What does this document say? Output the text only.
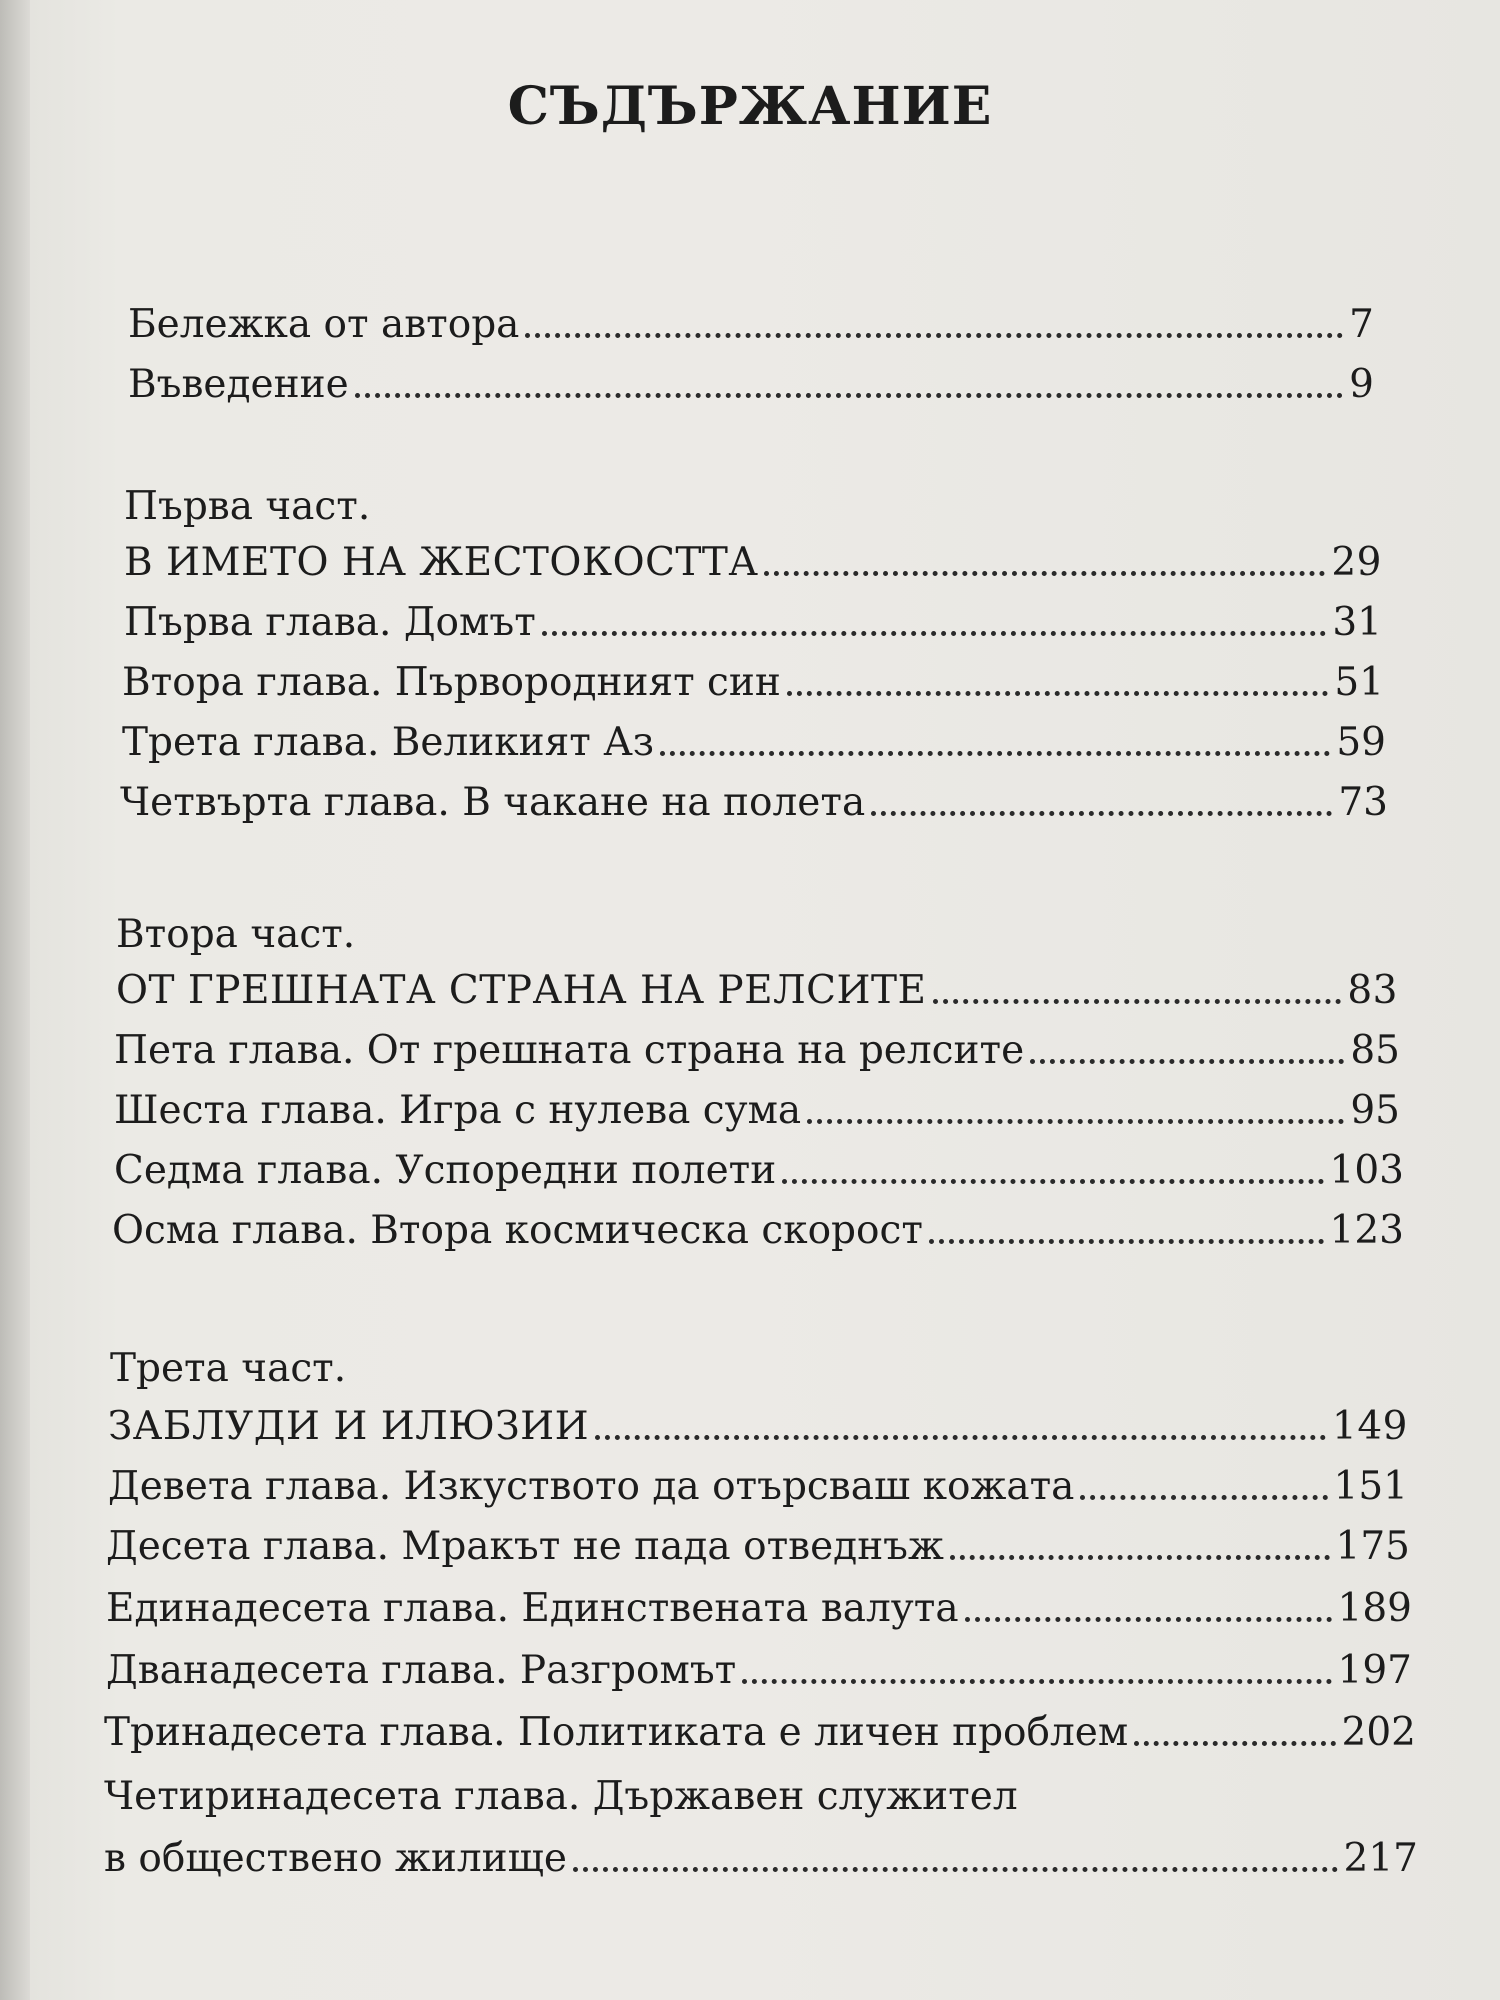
СЪДЪРЖАНИЕ
Бележка от автора	7
Въведение	9
Първа част.
В ИМЕТО НА ЖЕСТОКОСТТА	29
Първа глава. Домът	31
Втора глава. Първородният син	51
Трета глава. Великият Аз	59
Четвърта глава. В чакане на полета	73
Втора част.
ОТ ГРЕШНАТА СТРАНА НА РЕЛСИТЕ	83
Пета глава. От грешната страна на релсите	85
Шеста глава. Игра с нулева сума	95
Седма глава. Успоредни полети	103
Осма глава. Втора космическа скорост	123
Трета част.
ЗАБЛУДИ И ИЛЮЗИИ	149
Девета глава. Изкуството да отърсваш кожата	151
Десета глава. Мракът не пада отведнъж	175
Единадесета глава. Единствената валута	189
Дванадесета глава. Разгромът	197
Тринадесета глава. Политиката е личен проблем	202
Четиринадесета глава. Държавен служител
в обществено жилище	217
